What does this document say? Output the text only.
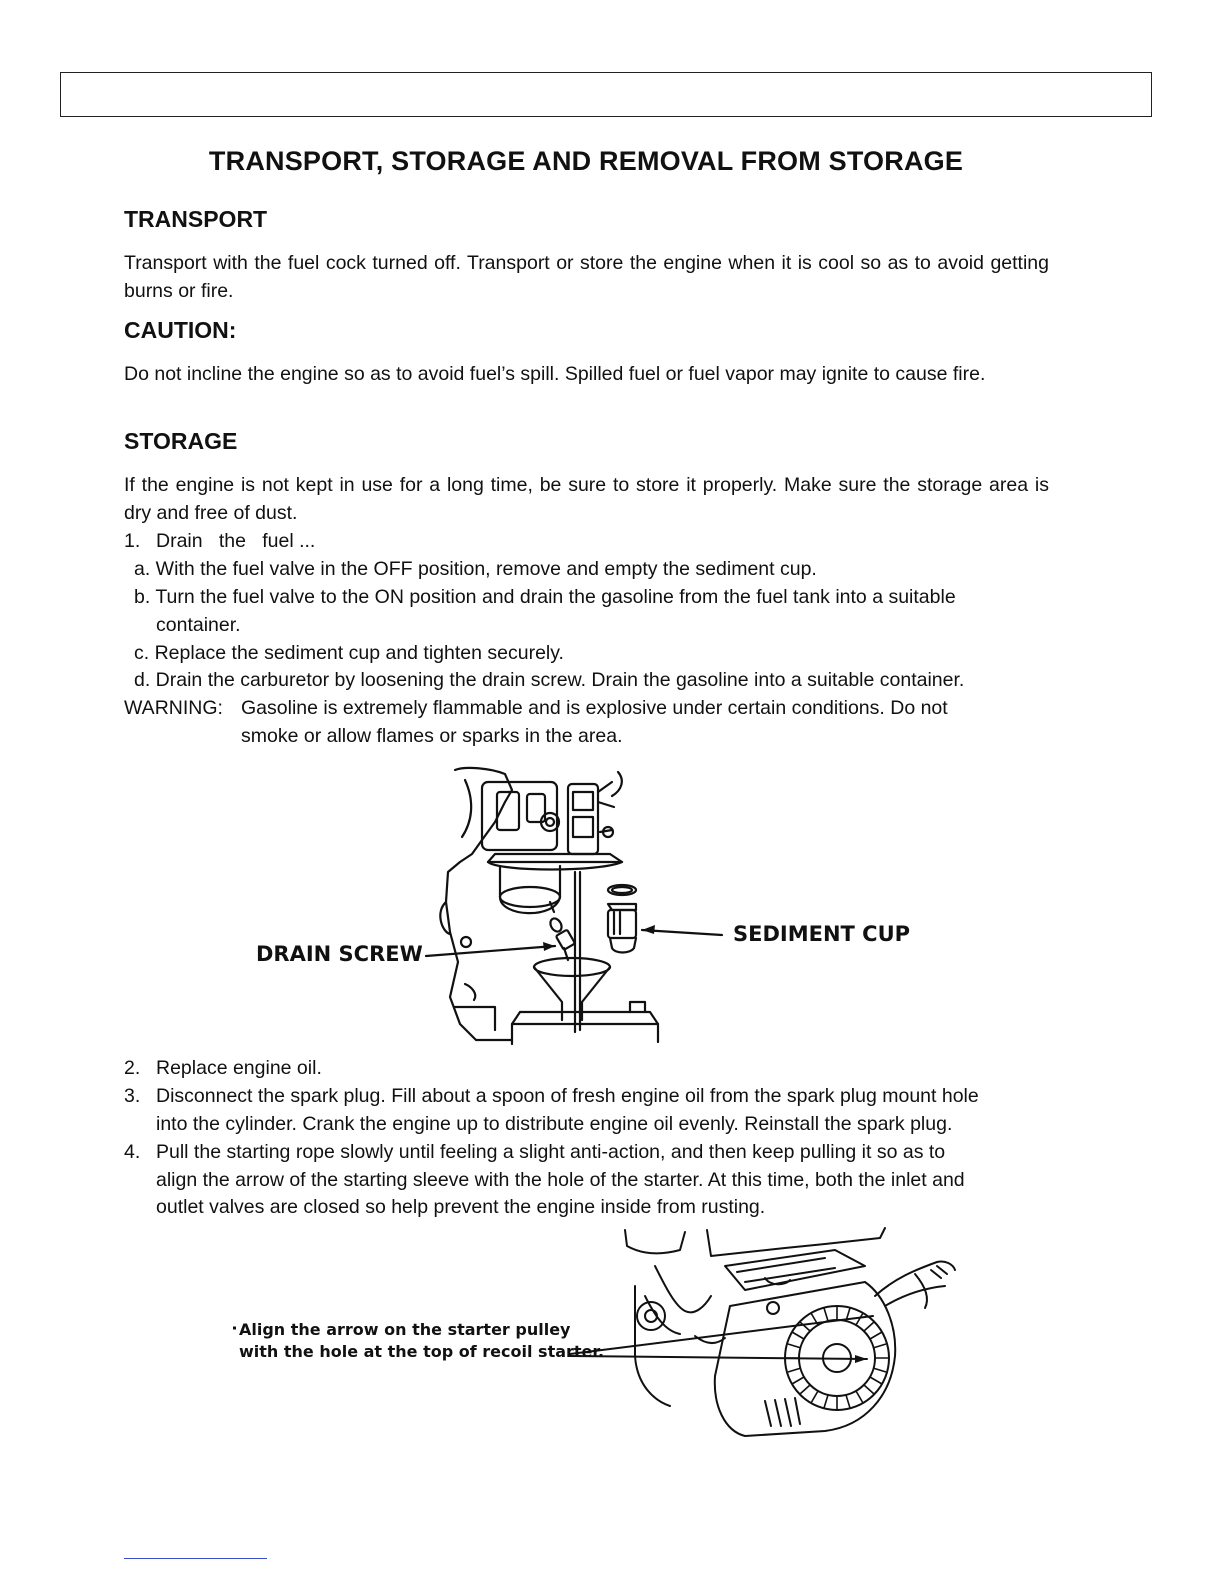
TRANSPORT, STORAGE AND REMOVAL FROM STORAGE
TRANSPORT
Transport with the fuel cock turned off. Transport or store the engine when it is cool so as to avoid getting burns or fire.
CAUTION:
Do not incline the engine so as to avoid fuel’s spill. Spilled fuel or fuel vapor may ignite to cause fire.
STORAGE
If the engine is not kept in use for a long time, be sure to store it properly. Make sure the storage area is dry and free of dust.
1. Drain   the   fuel ...
a. With the fuel valve in the OFF position, remove and empty the sediment cup.
b. Turn the fuel valve to the ON position and drain the gasoline from the fuel tank into a suitable
container.
c. Replace the sediment cup and tighten securely.
d. Drain the carburetor by loosening the drain screw. Drain the gasoline into a suitable container.
WARNING: Gasoline is extremely flammable and is explosive under certain conditions. Do not
smoke or allow flames or sparks in the area.
DRAIN SCREW
SEDIMENT CUP
2. Replace engine oil.
3. Disconnect the spark plug. Fill about a spoon of fresh engine oil from the spark plug mount hole
into the cylinder. Crank the engine up to distribute engine oil evenly. Reinstall the spark plug.
4. Pull the starting rope slowly until feeling a slight anti-action, and then keep pulling it so as to
align the arrow of the starting sleeve with the hole of the starter. At this time, both the inlet and
outlet valves are closed so help prevent the engine inside from rusting.
Align the arrow on the starter pulley
with the hole at the top of recoil starter.
